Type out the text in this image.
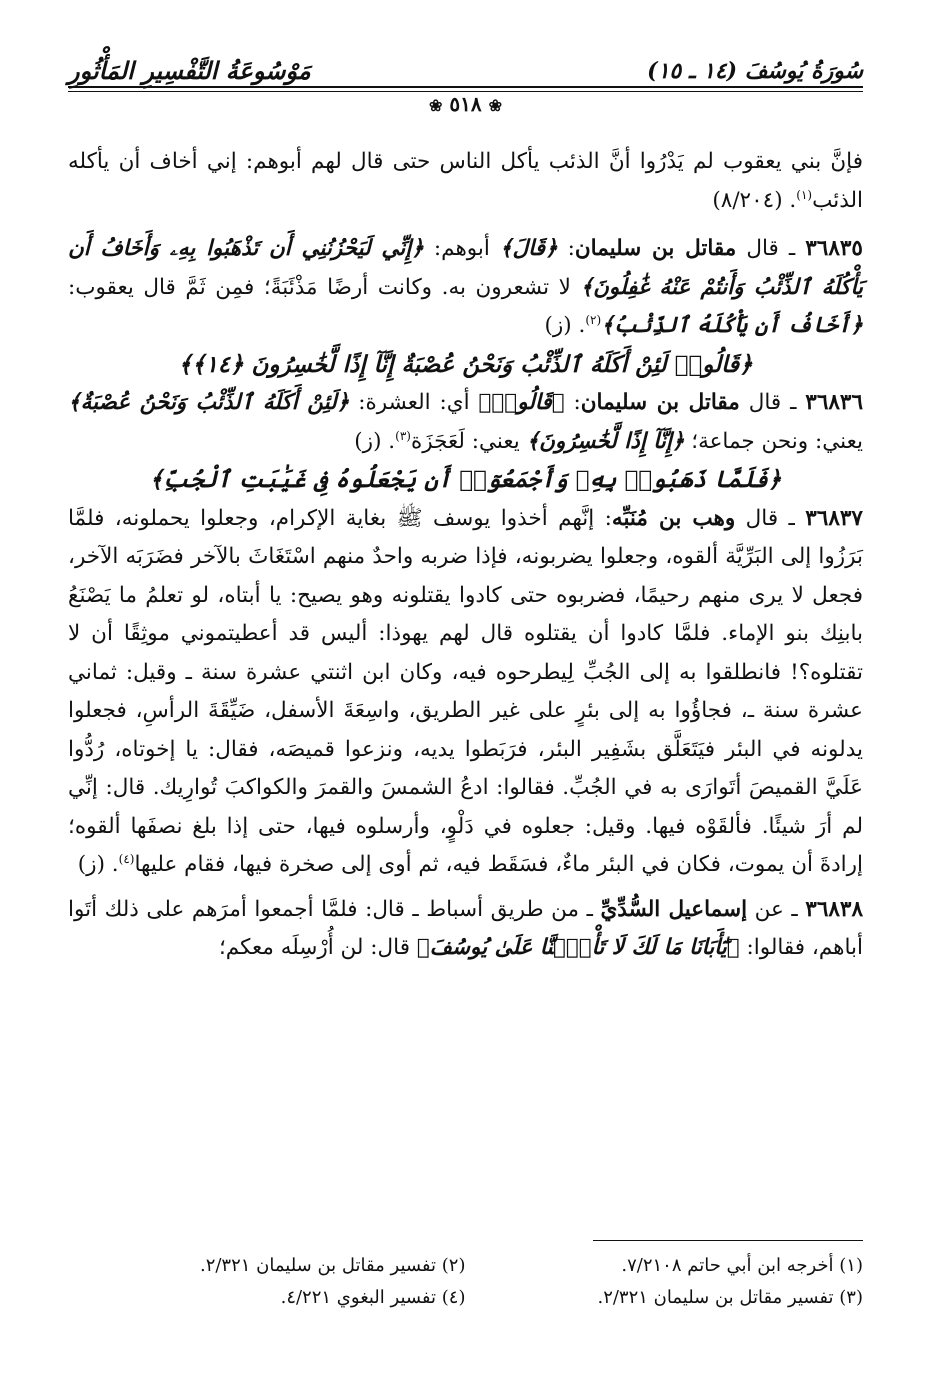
سُورَةُ يُوسُفَ (١٤ ـ ١٥)
مَوْسُوعَةُ التَّفْسِيرِ المَأْثُورِ
❀ ٥١٨ ❀

فإنَّ بني يعقوب لم يَدْرُوا أنَّ الذئب يأكل الناس حتى قال لهم أبوهم: إني أخاف أن يأكله الذئب$^{(١)}$. (٨/٢٠٤)

٣٦٨٣٥ ـ قال مقاتل بن سليمان: ﴿قَالَ﴾ أبوهم: ﴿إِنِّي لَيَحْزُنُنِي أَن تَذْهَبُوا بِهِۦ وَأَخَافُ أَن يَأْكُلَهُ ٱلذِّئْبُ وَأَنتُمْ عَنْهُ غَٰفِلُونَ﴾ لا تشعرون به. وكانت أرضًا مَذْئَبَةً؛ فمِن ثَمَّ قال يعقوب: ﴿أَخَافُ أَن يَأْكُلَهُ ٱلذِّئْبُ﴾$^{(٢)}$. (ز)

﴿قَالُوا۟ لَئِنْ أَكَلَهُ ٱلذِّئْبُ وَنَحْنُ عُصْبَةٌ إِنَّآ إِذًا لَّخَٰسِرُونَ ﴿١٤﴾﴾

٣٦٨٣٦ ـ قال مقاتل بن سليمان: ﴿قَالُوا۟﴾ أي: العشرة: ﴿لَئِنْ أَكَلَهُ ٱلذِّئْبُ وَنَحْنُ عُصْبَةٌ﴾ يعني: ونحن جماعة؛ ﴿إِنَّآ إِذًا لَّخَٰسِرُونَ﴾ يعني: لَعَجَزَة$^{(٣)}$. (ز)

﴿فَلَمَّا ذَهَبُوا۟ بِهِۦ وَأَجْمَعُوٓا۟ أَن يَجْعَلُوهُ فِى غَيَٰبَتِ ٱلْجُبِّ﴾

٣٦٨٣٧ ـ قال وهب بن مُنَبِّه: إنَّهم أخذوا يوسف ﷺ بغاية الإكرام، وجعلوا يحملونه، فلمَّا بَرَزُوا إلى البَرِّيَّة ألقوه، وجعلوا يضربونه، فإذا ضربه واحدٌ منهم اسْتَغَاثَ بالآخر فضَرَبَه الآخر، فجعل لا يرى منهم رحيمًا، فضربوه حتى كادوا يقتلونه وهو يصيح: يا أبتاه، لو تعلمُ ما يَصْنَعُ بابنِك بنو الإماء. فلمَّا كادوا أن يقتلوه قال لهم يهوذا: أليس قد أعطيتموني موثِقًا أن لا تقتلوه؟! فانطلقوا به إلى الجُبِّ لِيطرحوه فيه، وكان ابن اثنتي عشرة سنة ـ وقيل: ثماني عشرة سنة ـ، فجاؤُوا به إلى بئرٍ على غير الطريق، واسِعَةَ الأسفل، ضَيِّقَةَ الرأسِ، فجعلوا يدلونه في البئر فيَتَعَلَّق بشَفِير البئر، فرَبَطوا يديه، ونزعوا قميصَه، فقال: يا إخوتاه، رُدُّوا عَلَيَّ القميصَ أتَوارَى به في الجُبِّ. فقالوا: ادعُ الشمسَ والقمرَ والكواكبَ تُوارِيك. قال: إنِّي لم أرَ شيئًا. فألقَوْه فيها. وقيل: جعلوه في دَلْوٍ، وأرسلوه فيها، حتى إذا بلغ نصفَها ألقوه؛ إرادةَ أن يموت، فكان في البئر ماءٌ، فسَقَط فيه، ثم أوى إلى صخرة فيها، فقام عليها$^{(٤)}$. (ز)

٣٦٨٣٨ ـ عن إسماعيل السُّدِّيِّ ـ من طريق أسباط ـ قال: فلمَّا أجمعوا أمرَهم على ذلك أتَوا أباهم، فقالوا: ﴿يَٰٓأَبَانَا مَا لَكَ لَا تَأْمَ۫نَّا عَلَىٰ يُوسُفَ﴾ قال: لن أُرْسِلَه معكم؛

(١) أخرجه ابن أبي حاتم ٧/٢١٠٨.
(٢) تفسير مقاتل بن سليمان ٢/٣٢١.
(٣) تفسير مقاتل بن سليمان ٢/٣٢١.
(٤) تفسير البغوي ٤/٢٢١.
